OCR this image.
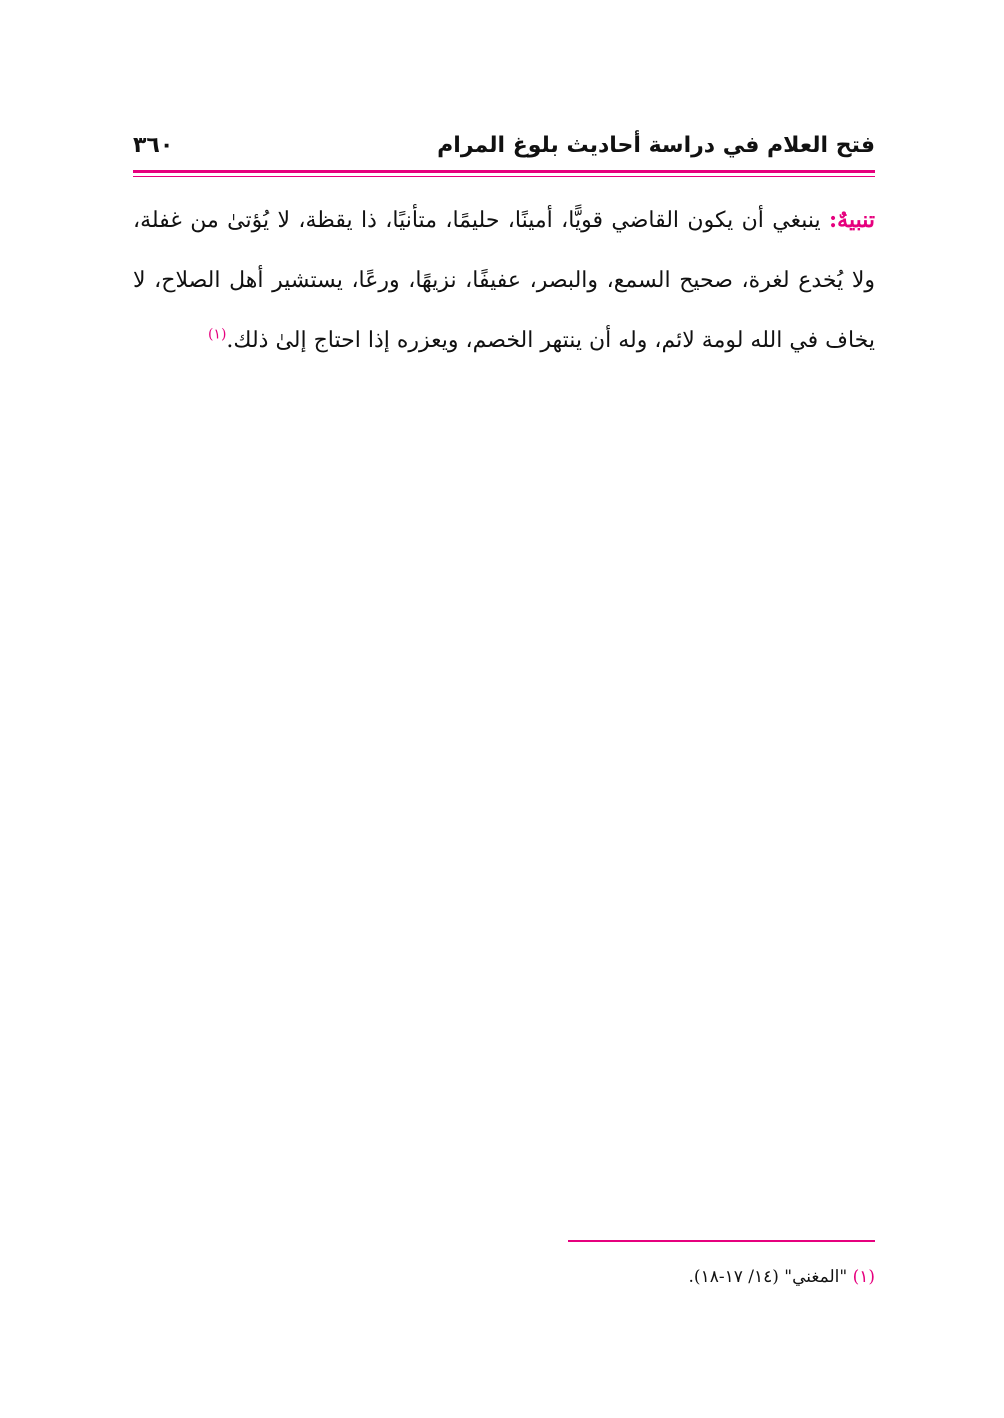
فتح العلام في دراسة أحاديث بلوغ المرام
٣٦٠
تنبيهٌ: ينبغي أن يكون القاضي قويًّا، أمينًا، حليمًا، متأنيًا، ذا يقظة، لا يُؤتىٰ من غفلة، ولا يُخدع لغرة، صحيح السمع، والبصر، عفيفًا، نزيهًا، ورعًا، يستشير أهل الصلاح، لا يخاف في الله لومة لائم، وله أن ينتهر الخصم، ويعزره إذا احتاج إلىٰ ذلك.$^{(١)}$
(١) "المغني" (١٤/ ١٧-١٨).
